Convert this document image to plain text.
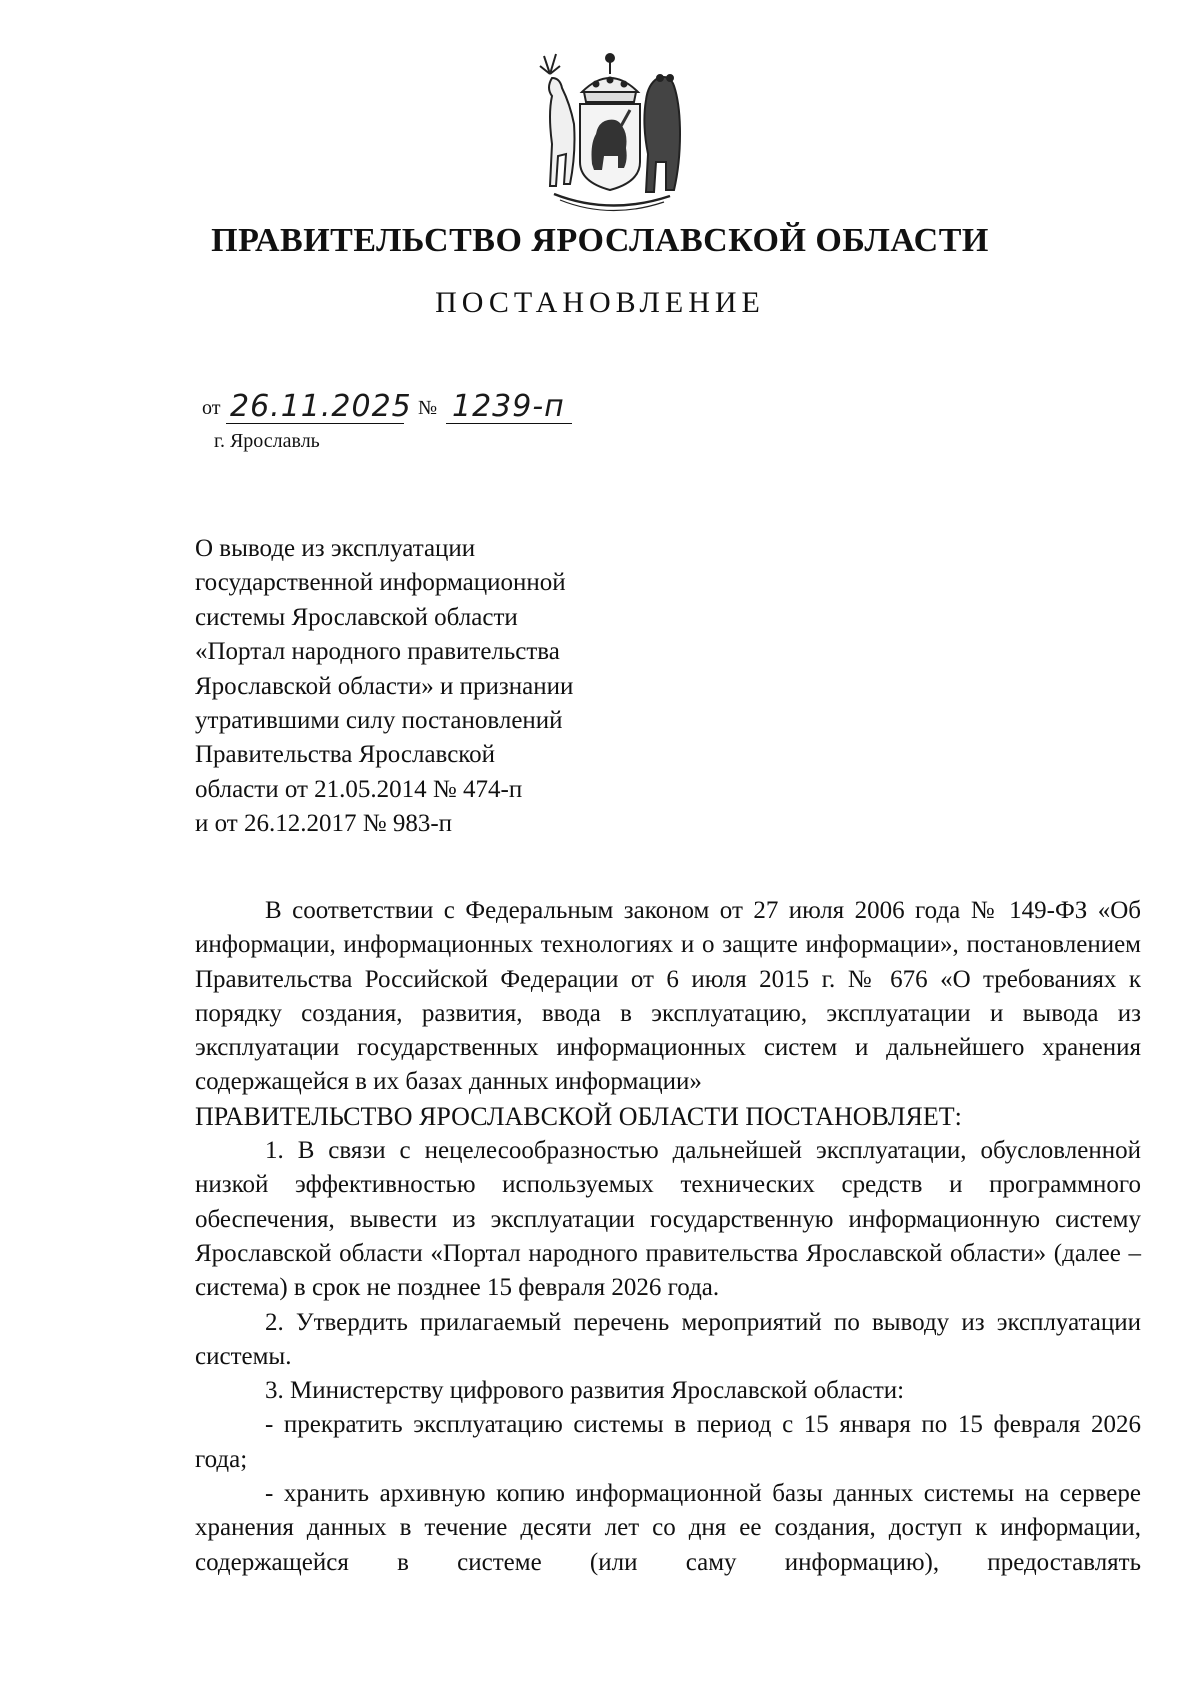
ПРАВИТЕЛЬСТВО ЯРОСЛАВСКОЙ ОБЛАСТИ
ПОСТАНОВЛЕНИЕ
от 26.11.2025 № 1239-п
г. Ярославль
О выводе из эксплуатации
государственной информационной
системы Ярославской области
«Портал народного правительства
Ярославской области» и признании
утратившими силу постановлений
Правительства Ярославской
области от 21.05.2014 № 474-п
и от 26.12.2017 № 983-п

В соответствии с Федеральным законом от 27 июля 2006 года № 149-ФЗ «Об информации, информационных технологиях и о защите информации», постановлением Правительства Российской Федерации от 6 июля 2015 г. № 676 «О требованиях к порядку создания, развития, ввода в эксплуатацию, эксплуатации и вывода из эксплуатации государственных информационных систем и дальнейшего хранения содержащейся в их базах данных информации»

ПРАВИТЕЛЬСТВО ЯРОСЛАВСКОЙ ОБЛАСТИ ПОСТАНОВЛЯЕТ:

1. В связи с нецелесообразностью дальнейшей эксплуатации, обусловленной низкой эффективностью используемых технических средств и программного обеспечения, вывести из эксплуатации государственную информационную систему Ярославской области «Портал народного правительства Ярославской области» (далее – система) в срок не позднее 15 февраля 2026 года.

2. Утвердить прилагаемый перечень мероприятий по выводу из эксплуатации системы.

3. Министерству цифрового развития Ярославской области:

- прекратить эксплуатацию системы в период с 15 января по 15 февраля 2026 года;

- хранить архивную копию информационной базы данных системы на сервере хранения данных в течение десяти лет со дня ее создания, доступ к информации, содержащейся в системе (или саму информацию), предоставлять
